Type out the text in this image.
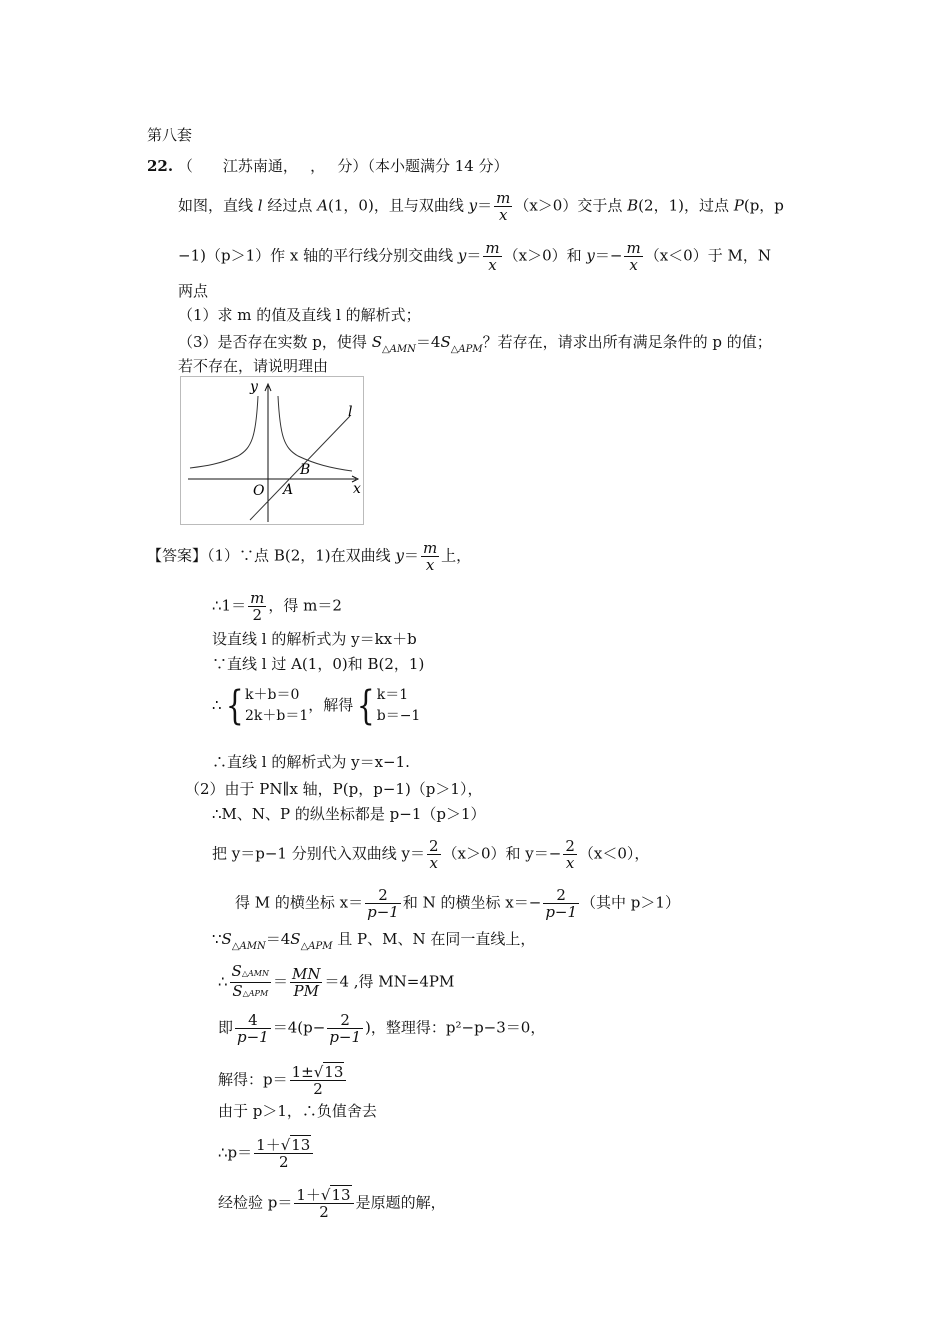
第八套
22. （　　江苏南通，　 ，　 分）（本小题满分 14 分）
如图，直线 l 经过点 A(1，0)，且与双曲线 $y= \frac{m}{x} (x>0)$交于点 B(2，1)，过点 P(p，p
−1)（p＞1）作 x 轴的平行线分别交曲线 $y= \frac{m}{x} (x>0)$和 $y=- \frac{m}{x} (x<0)$于 M，N
两点
（1）求 m 的值及直线 l 的解析式；
（3）是否存在实数 p，使得 $S_{\triangle AMN}=4S_{\triangle APM}$？若存在，请求出所有满足条件的 p 的值；
若不存在，请说明理由
y
x
O A
B
l
【答案】（1）∵点 B(2，1)在双曲线 $y= \frac{m}{x}$ 上，
∴1＝ $\frac{m}{2}$ ，得 m＝2
设直线 l 的解析式为 y＝kx＋b
∵直线 l 过 A(1，0)和 B(2，1)
∴{ k＋b＝0
2k＋b＝1，解得{ k＝1
b＝−1
∴直线 l 的解析式为 y＝x−1.
（2）由于 PN∥x 轴，P(p，p−1)（p＞1），
∴M、N、P 的纵坐标都是 p−1（p＞1）
把 y＝p−1 分别代入双曲线 $y= \frac{2}{x} (x>0)$和 $y=- \frac{2}{x} (x<0)$，
得 M 的横坐标 $x= \frac{2}{p-1}$ 和 N 的横坐标 $x=- \frac{2}{p-1}$ （其中 p＞1）
$\because S_{\triangle AMN}=4S_{\triangle APM}$ 且 P、M、N 在同一直线上，
∴ $\frac{\text{S△AMN}}{\text{S△APM}} = \frac{MN}{PM} =4$ ,得 MN=4PM
即 $\frac{4}{p-1} =4(p- \frac{2}{p-1}$ )，整理得：p²−p−3＝0，
解得：$p= \frac{1\pm√13}{2}$
由于 p＞1，∴负值舍去
∴p＝ $\frac{1+√13}{2}$
经检验 $p= \frac{1+√13}{2}$ 是原题的解，
